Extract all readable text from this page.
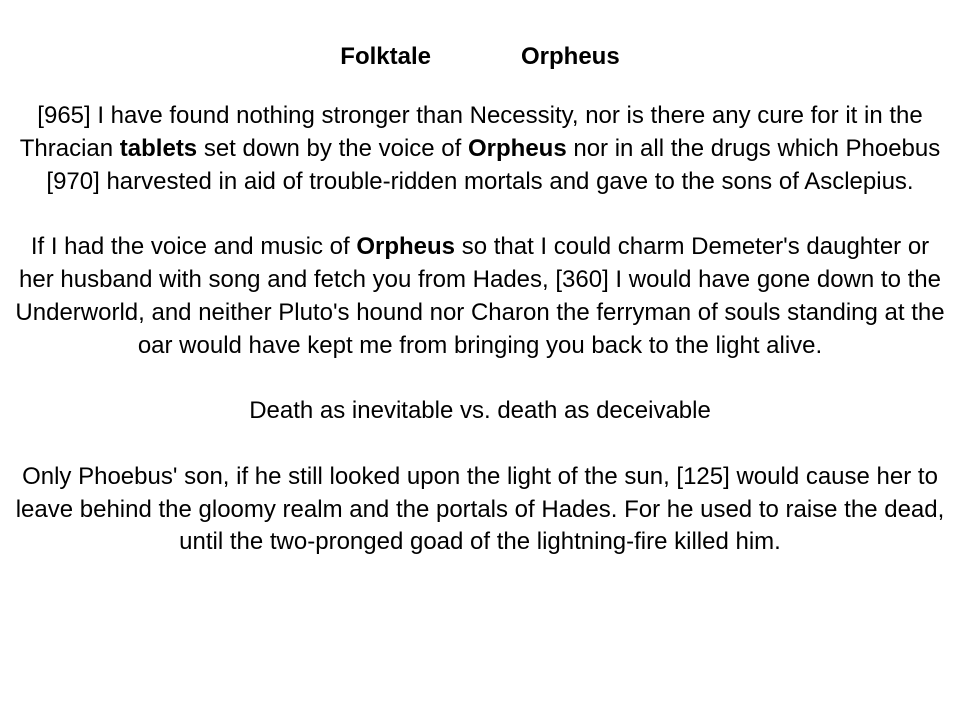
Folktale	Orpheus

[965] I have found nothing stronger than Necessity, nor is there any cure for it in the Thracian tablets set down by the voice of Orpheus nor in all the drugs which Phoebus [970] harvested in aid of trouble-ridden mortals and gave to the sons of Asclepius.

If I had the voice and music of Orpheus so that I could charm Demeter's daughter or her husband with song and fetch you from Hades, [360] I would have gone down to the Underworld, and neither Pluto's hound nor Charon the ferryman of souls standing at the oar would have kept me from bringing you back to the light alive.

Death as inevitable vs. death as deceivable

Only Phoebus' son, if he still looked upon the light of the sun, [125] would cause her to leave behind the gloomy realm and the portals of Hades. For he used to raise the dead, until the two-pronged goad of the lightning-fire killed him.
